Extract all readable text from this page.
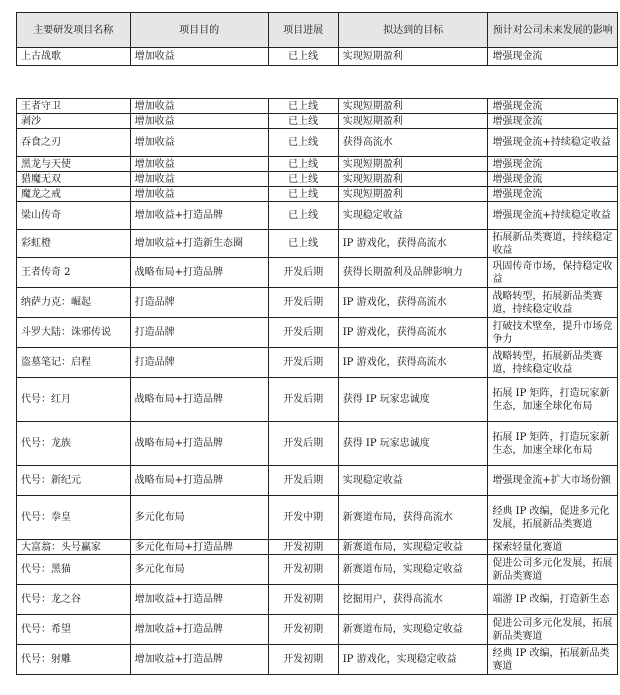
主要研发项目名称	项目目的	项目进展	拟达到的目标	预计对公司未来发展的影响
上古战歌	增加收益	已上线	实现短期盈利	增强现金流
王者守卫	增加收益	已上线	实现短期盈利	增强现金流
剥沙	增加收益	已上线	实现短期盈利	增强现金流
吞食之刃	增加收益	已上线	获得高流水	增强现金流+持续稳定收益
黑龙与天使	增加收益	已上线	实现短期盈利	增强现金流
猎魔无双	增加收益	已上线	实现短期盈利	增强现金流
魔龙之戒	增加收益	已上线	实现短期盈利	增强现金流
梁山传奇	增加收益+打造品牌	已上线	实现稳定收益	增强现金流+持续稳定收益
彩虹橙	增加收益+打造新生态圈	已上线	IP 游戏化，获得高流水	拓展新品类赛道，持续稳定收益
王者传奇 2	战略布局+打造品牌	开发后期	获得长期盈利及品牌影响力	巩固传奇市场，保持稳定收益
纳萨力克：崛起	打造品牌	开发后期	IP 游戏化，获得高流水	战略转型，拓展新品类赛道，持续稳定收益
斗罗大陆：诛邪传说	打造品牌	开发后期	IP 游戏化，获得高流水	打破技术壁垒，提升市场竞争力
盗墓笔记：启程	打造品牌	开发后期	IP 游戏化，获得高流水	战略转型，拓展新品类赛道，持续稳定收益
代号：红月	战略布局+打造品牌	开发后期	获得 IP 玩家忠诚度	拓展 IP 矩阵，打造玩家新生态，加速全球化布局
代号：龙族	战略布局+打造品牌	开发后期	获得 IP 玩家忠诚度	拓展 IP 矩阵，打造玩家新生态，加速全球化布局
代号：新纪元	战略布局+打造品牌	开发后期	实现稳定收益	增强现金流+扩大市场份额
代号：拳皇	多元化布局	开发中期	新赛道布局，获得高流水	经典 IP 改编，促进多元化发展，拓展新品类赛道
大富翁：头号赢家	多元化布局+打造品牌	开发初期	新赛道布局，实现稳定收益	探索轻量化赛道
代号：黑猫	多元化布局	开发初期	新赛道布局，实现稳定收益	促进公司多元化发展，拓展新品类赛道
代号：龙之谷	增加收益+打造品牌	开发初期	挖掘用户，获得高流水	端游 IP 改编，打造新生态
代号：希望	增加收益+打造品牌	开发初期	新赛道布局，实现稳定收益	促进公司多元化发展，拓展新品类赛道
代号：射雕	增加收益+打造品牌	开发初期	IP 游戏化，实现稳定收益	经典 IP 改编，拓展新品类赛道
